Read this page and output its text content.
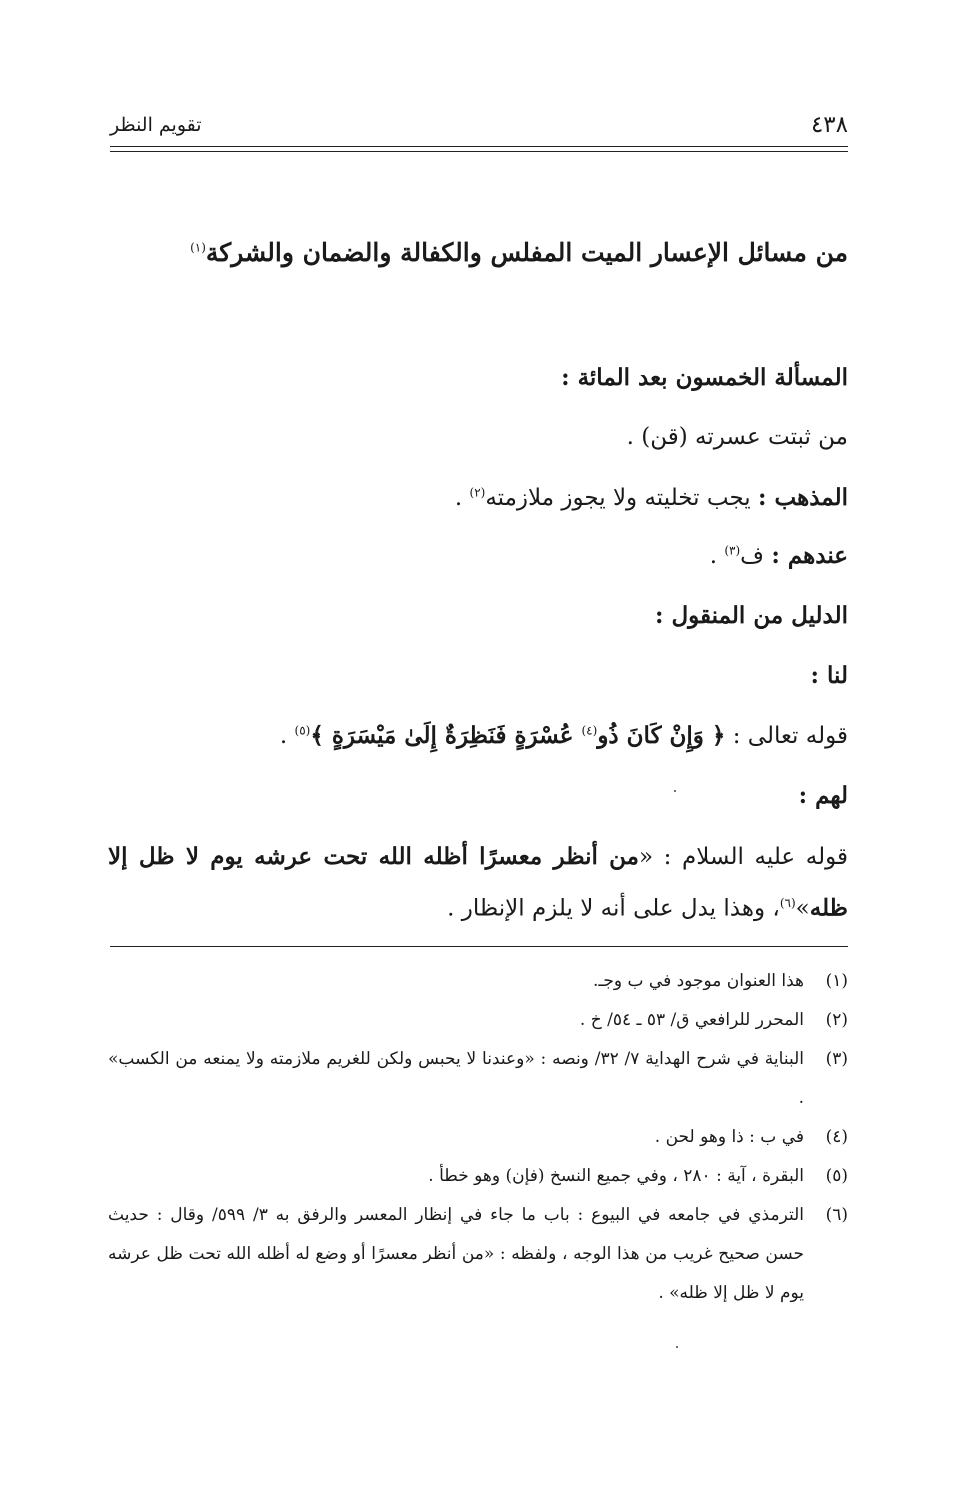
٤٣٨
تقويم النظر
من مسائل الإعسار الميت المفلس والكفالة والضمان والشركة$^{(١)}$
المسألة الخمسون بعد المائة :
من ثبتت عسرته (قن) .
المذهب : يجب تخليته ولا يجوز ملازمته$^{(٢)}$ .
عندهم : ف$^{(٣)}$ .
الدليل من المنقول :
لنا :
قوله تعالى : ﴿ وَإِنْ كَانَ ذُو$^{(٤)}$ عُسْرَةٍ فَنَظِرَةٌ إِلَىٰ مَيْسَرَةٍ ﴾$^{(٥)}$ .
لهم :
قوله عليه السلام : «من أنظر معسرًا أظله الله تحت عرشه يوم لا ظل إلا ظله»$^{(٦)}$، وهذا يدل على أنه لا يلزم الإنظار .
(١)
هذا العنوان موجود في ب وجـ.
(٢)
المحرر للرافعي ق/ ٥٣ ـ ٥٤/ خ .
(٣)
البناية في شرح الهداية ٧/ ٣٢/ ونصه : «وعندنا لا يحبس ولكن للغريم ملازمته ولا يمنعه من الكسب» .
(٤)
في ب : ذا وهو لحن .
(٥)
البقرة ، آية : ٢٨٠ ، وفي جميع النسخ (فإن) وهو خطأ .
(٦)
الترمذي في جامعه في البيوع : باب ما جاء في إنظار المعسر والرفق به ٣/ ٥٩٩/ وقال : حديث حسن صحيح غريب من هذا الوجه ، ولفظه : «من أنظر معسرًا أو وضع له أظله الله تحت ظل عرشه يوم لا ظل إلا ظله» .
